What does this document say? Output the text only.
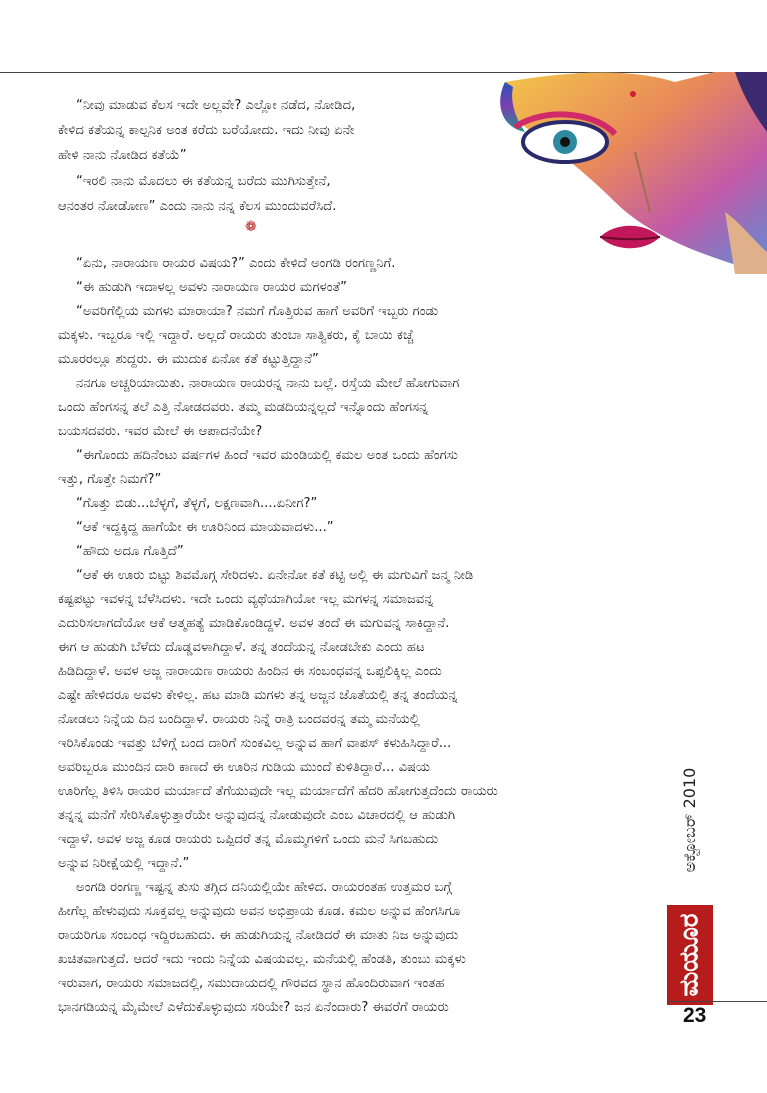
“ನೀವು ಮಾಡುವ ಕೆಲಸ ಇದೇ ಅಲ್ಲವೇ? ಎಲ್ಲೋ ನಡೆದ, ನೋಡಿದ,
ಕೇಳಿದ ಕತೆಯನ್ನ ಕಾಲ್ಪನಿಕ ಅಂತ ಕರೆದು ಬರೆಯೋದು. ಇದು ನೀವು ಏನೇ
ಹೇಳಿ ನಾನು ನೋಡಿದ ಕತೆಯೆ”
“ಇರಲಿ ನಾನು ಮೊದಲು ಈ ಕತೆಯನ್ನ ಬರೆದು ಮುಗಿಸುತ್ತೇನೆ,
ಆನಂತರ ನೋಡೋಣ” ಎಂದು ನಾನು ನನ್ನ ಕೆಲಸ ಮುಂದುವರೆಸಿದೆ.
“ಏನು, ನಾರಾಯಣ ರಾಯರ ವಿಷಯ?” ಎಂದು ಕೇಳಿದೆ ಅಂಗಡಿ ರಂಗಣ್ಣನಿಗೆ.
“ಈ ಹುಡುಗಿ ಇದಾಳಲ್ಲ ಅವಳು ನಾರಾಯಣ ರಾಯರ ಮಗಳಂತೆ”
“ಅವರಿಗೆಲ್ಲಿಯ ಮಗಳು ಮಾರಾಯಾ? ನಮಗೆ ಗೊತ್ತಿರುವ ಹಾಗೆ ಅವರಿಗೆ ಇಬ್ಬರು ಗಂಡು
ಮಕ್ಕಳು. ಇಬ್ಬರೂ ಇಲ್ಲಿ ಇದ್ದಾರೆ. ಅಲ್ಲದೆ ರಾಯರು ತುಂಬಾ ಸಾತ್ವಿಕರು, ಕೈ ಬಾಯಿ ಕಚ್ಚೆ
ಮೂರರಲ್ಲೂ ಶುದ್ದರು. ಈ ಮುದುಕ ಏನೋ ಕತೆ ಕಟ್ಟುತ್ತಿದ್ದಾನೆ”
ನನಗೂ ಅಚ್ಚರಿಯಾಯಿತು. ನಾರಾಯಣ ರಾಯರನ್ನ ನಾನು ಬಲ್ಲೆ. ರಸ್ತೆಯ ಮೇಲೆ ಹೋಗುವಾಗ
ಒಂದು ಹೆಂಗಸನ್ನ ತಲೆ ಎತ್ತಿ ನೋಡದವರು. ತಮ್ಮ ಮಡದಿಯನ್ನಲ್ಲದೆ ಇನ್ನೊಂದು ಹೆಂಗಸನ್ನ
ಬಯಸದವರು. ಇವರ ಮೇಲೆ ಈ ಆಪಾದನೆಯೇ?
“ಈಗೊಂದು ಹದಿನೆಂಟು ವರ್ಷಗಳ ಹಿಂದೆ ಇವರ ಮಂಡಿಯಲ್ಲಿ ಕಮಲ ಅಂತ ಒಂದು ಹೆಂಗಸು
ಇತ್ತು, ಗೊತ್ತೇ ನಿಮಗೆ?”
“ಗೊತ್ತು ಬಿಡು...ಬೆಳ್ಳಗೆ, ತೆಳ್ಳಗೆ, ಲಕ್ಷಣವಾಗಿ....ಏನೀಗ?”
“ಆಕೆ ಇದ್ದಕ್ಕಿದ್ದ ಹಾಗೆಯೇ ಈ ಊರಿನಿಂದ ಮಾಯವಾದಳು...”
“ಹೌದು ಅದೂ ಗೊತ್ತಿದೆ”
“ಆಕೆ ಈ ಊರು ಬಿಟ್ಟು ಶಿವಮೊಗ್ಗ ಸೇರಿದಳು. ಏನೇನೋ ಕತೆ ಕಟ್ಟಿ ಅಲ್ಲಿ ಈ ಮಗುವಿಗೆ ಜನ್ಮ ನೀಡಿ
ಕಷ್ಟಪಟ್ಟು ಇವಳನ್ನ ಬೆಳೆಸಿದಳು. ಇದೇ ಒಂದು ವ್ಯಥೆಯಾಗಿಯೋ ಇಲ್ಲ ಮಗಳನ್ನ ಸಮಾಜವನ್ನ
ಎದುರಿಸಲಾಗದೆಯೋ ಆಕೆ ಆತ್ಮಹತ್ಯೆ ಮಾಡಿಕೊಂಡಿದ್ದಳೆ. ಅವಳ ತಂದೆ ಈ ಮಗುವನ್ನ ಸಾಕಿದ್ದಾನೆ.
ಈಗ ಆ ಹುಡುಗಿ ಬೆಳೆದು ದೊಡ್ಡವಳಾಗಿದ್ದಾಳೆ. ತನ್ನ ತಂದೆಯನ್ನ ನೋಡಬೇಕು ಎಂದು ಹಟ
ಹಿಡಿದಿದ್ದಾಳೆ. ಅವಳ ಅಜ್ಜ ನಾರಾಯಣ ರಾಯರು ಹಿಂದಿನ ಈ ಸಂಬಂಧವನ್ನ ಒಪ್ಪಲಿಕ್ಕಿಲ್ಲ ಎಂದು
ಎಷ್ಟೇ ಹೇಳಿದರೂ ಅವಳು ಕೇಳಿಲ್ಲ. ಹಟ ಮಾಡಿ ಮಗಳು ತನ್ನ ಅಜ್ಜನ ಜೊತೆಯಲ್ಲಿ ತನ್ನ ತಂದೆಯನ್ನ
ನೋಡಲು ನಿನ್ನೆಯ ದಿನ ಬಂದಿದ್ದಾಳೆ. ರಾಯರು ನಿನ್ನೆ ರಾತ್ರಿ ಬಂದವರನ್ನ ತಮ್ಮ ಮನೆಯಲ್ಲಿ
ಇರಿಸಿಕೊಂಡು ಇವತ್ತು ಬೆಳಿಗ್ಗೆ ಬಂದ ದಾರಿಗೆ ಸುಂಕವಿಲ್ಲ ಅನ್ನುವ ಹಾಗೆ ವಾಪಸ್ ಕಳುಹಿಸಿದ್ದಾರೆ...
ಅವರಿಬ್ಬರೂ ಮುಂದಿನ ದಾರಿ ಕಾಣದೆ ಈ ಊರಿನ ಗುಡಿಯ ಮುಂದೆ ಕುಳಿತಿದ್ದಾರೆ... ವಿಷಯ
ಊರಿಗೆಲ್ಲ ತಿಳಿಸಿ ರಾಯರ ಮರ್ಯಾದೆ ತೆಗೆಯುವುದೇ ಇಲ್ಲ ಮರ್ಯಾದೆಗೆ ಹೆದರಿ ಹೋಗುತ್ತದೆಂದು ರಾಯರು
ತನ್ನನ್ನ ಮನೆಗೆ ಸೇರಿಸಿಕೊಳ್ಳುತ್ತಾರೆಯೇ ಅನ್ನುವುದನ್ನ ನೋಡುವುದೇ ಎಂಬ ವಿಚಾರದಲ್ಲಿ ಆ ಹುಡುಗಿ
ಇದ್ದಾಳೆ. ಅವಳ ಅಜ್ಜ ಕೂಡ ರಾಯರು ಒಪ್ಪಿದರೆ ತನ್ನ ಮೊಮ್ಮಗಳಿಗೆ ಒಂದು ಮನೆ ಸಿಗಬಹುದು
ಅನ್ನುವ ನಿರೀಕ್ಷೆಯಲ್ಲಿ ಇದ್ದಾನೆ.”
ಅಂಗಡಿ ರಂಗಣ್ಣ ಇಷ್ಟನ್ನ ತುಸು ತಗ್ಗಿದ ದನಿಯಲ್ಲಿಯೇ ಹೇಳಿದ. ರಾಯರಂತಹ ಉತ್ತಮರ ಬಗ್ಗೆ
ಹೀಗೆಲ್ಲ ಹೇಳುವುದು ಸೂಕ್ತವಲ್ಲ ಅನ್ನುವುದು ಅವನ ಅಭಿಪ್ರಾಯ ಕೂಡ. ಕಮಲ ಅನ್ನುವ ಹೆಂಗಸಿಗೂ
ರಾಯರಿಗೂ ಸಂಬಂಧ ಇದ್ದಿರಬಹುದು. ಈ ಹುಡುಗಿಯನ್ನ ನೋಡಿದರೆ ಈ ಮಾತು ನಿಜ ಅನ್ನುವುದು
ಖಚಿತವಾಗುತ್ತದೆ. ಆದರೆ ಇದು ಇಂದು ನಿನ್ನೆಯ ವಿಷಯವಲ್ಲ. ಮನೆಯಲ್ಲಿ ಹೆಂಡತಿ, ತುಂಬು ಮಕ್ಕಳು
ಇರುವಾಗ, ರಾಯರು ಸಮಾಜದಲ್ಲಿ, ಸಮುದಾಯದಲ್ಲಿ ಗೌರವದ ಸ್ಥಾನ ಹೊಂದಿರುವಾಗ ಇಂತಹ
ಭಾನಗಡಿಯನ್ನ ಮೈಮೇಲೆ ಎಳೆದುಕೊಳ್ಳುವುದು ಸರಿಯೇ? ಜನ ಏನೆಂದಾರು? ಈವರೆಗೆ ರಾಯರು
❁
ಅಕ್ಟೋಬರ್ 2010
ಮಯೂರ
23
